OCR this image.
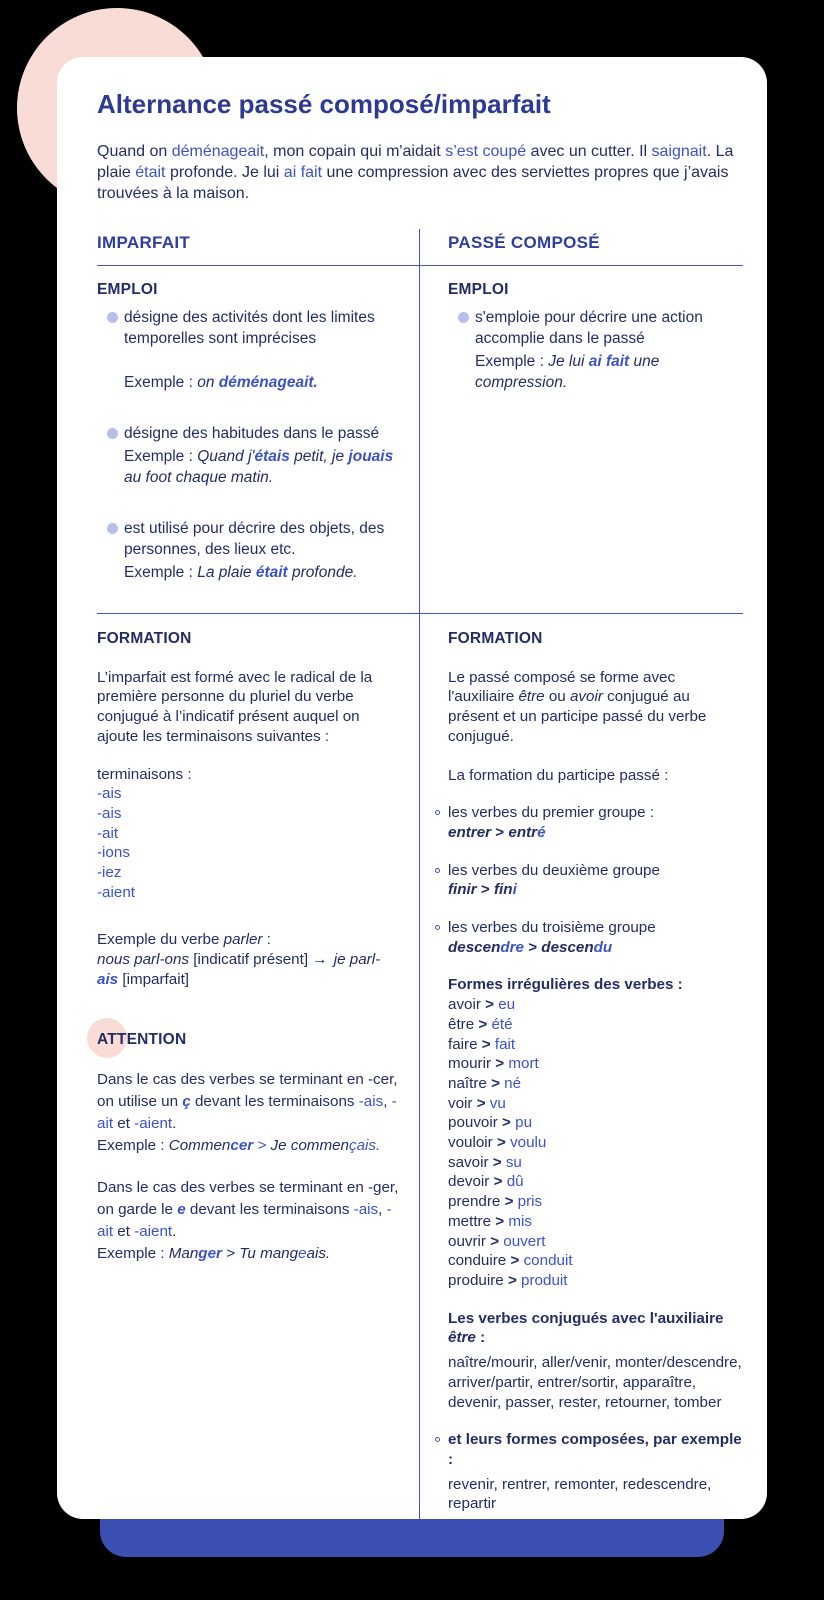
Alternance passé composé/imparfait

Quand on déménageait, mon copain qui m'aidait s’est coupé avec un cutter. Il saignait. La plaie était profonde. Je lui ai fait une compression avec des serviettes propres que j’avais trouvées à la maison.

IMPARFAIT	PASSÉ COMPOSÉ
EMPLOI
désigne des activités dont les limites temporelles sont imprécises
Exemple : on déménageait.
désigne des habitudes dans le passé
Exemple : Quand j'étais petit, je jouais au foot chaque matin.
est utilisé pour décrire des objets, des personnes, des lieux etc.
Exemple : La plaie était profonde.
EMPLOI
s'emploie pour décrire une action accomplie dans le passé
Exemple : Je lui ai fait une compression.
FORMATION
L’imparfait est formé avec le radical de la première personne du pluriel du verbe conjugué à l’indicatif présent auquel on ajoute les terminaisons suivantes :
terminaisons :
-ais
-ais
-ait
-ions
-iez
-aient
Exemple du verbe parler :
nous parl-ons [indicatif présent] → je parl-ais [imparfait]
ATTENTION
Dans le cas des verbes se terminant en -cer, on utilise un ç devant les terminaisons -ais, -ait et -aient.
Exemple : Commencer > Je commençais.
Dans le cas des verbes se terminant en -ger, on garde le e devant les terminaisons -ais, -ait et -aient.
Exemple : Manger > Tu mangeais.
FORMATION
Le passé composé se forme avec l'auxiliaire être ou avoir conjugué au présent et un participe passé du verbe conjugué.
La formation du participe passé :
les verbes du premier groupe :
entrer > entré
les verbes du deuxième groupe
finir > fini
les verbes du troisième groupe
descendre > descendu
Formes irrégulières des verbes :
avoir > eu
être > été
faire > fait
mourir > mort
naître > né
voir > vu
pouvoir > pu
vouloir > voulu
savoir > su
devoir > dû
prendre > pris
mettre > mis
ouvrir > ouvert
conduire > conduit
produire > produit
Les verbes conjugués avec l'auxiliaire être :
naître/​mourir, aller/​venir, monter/​descendre, arriver/​partir, entrer/​sortir, apparaître, devenir, passer, rester, retourner, tomber
et leurs formes composées, par exemple :
revenir, rentrer, remonter, redescendre, repartir
